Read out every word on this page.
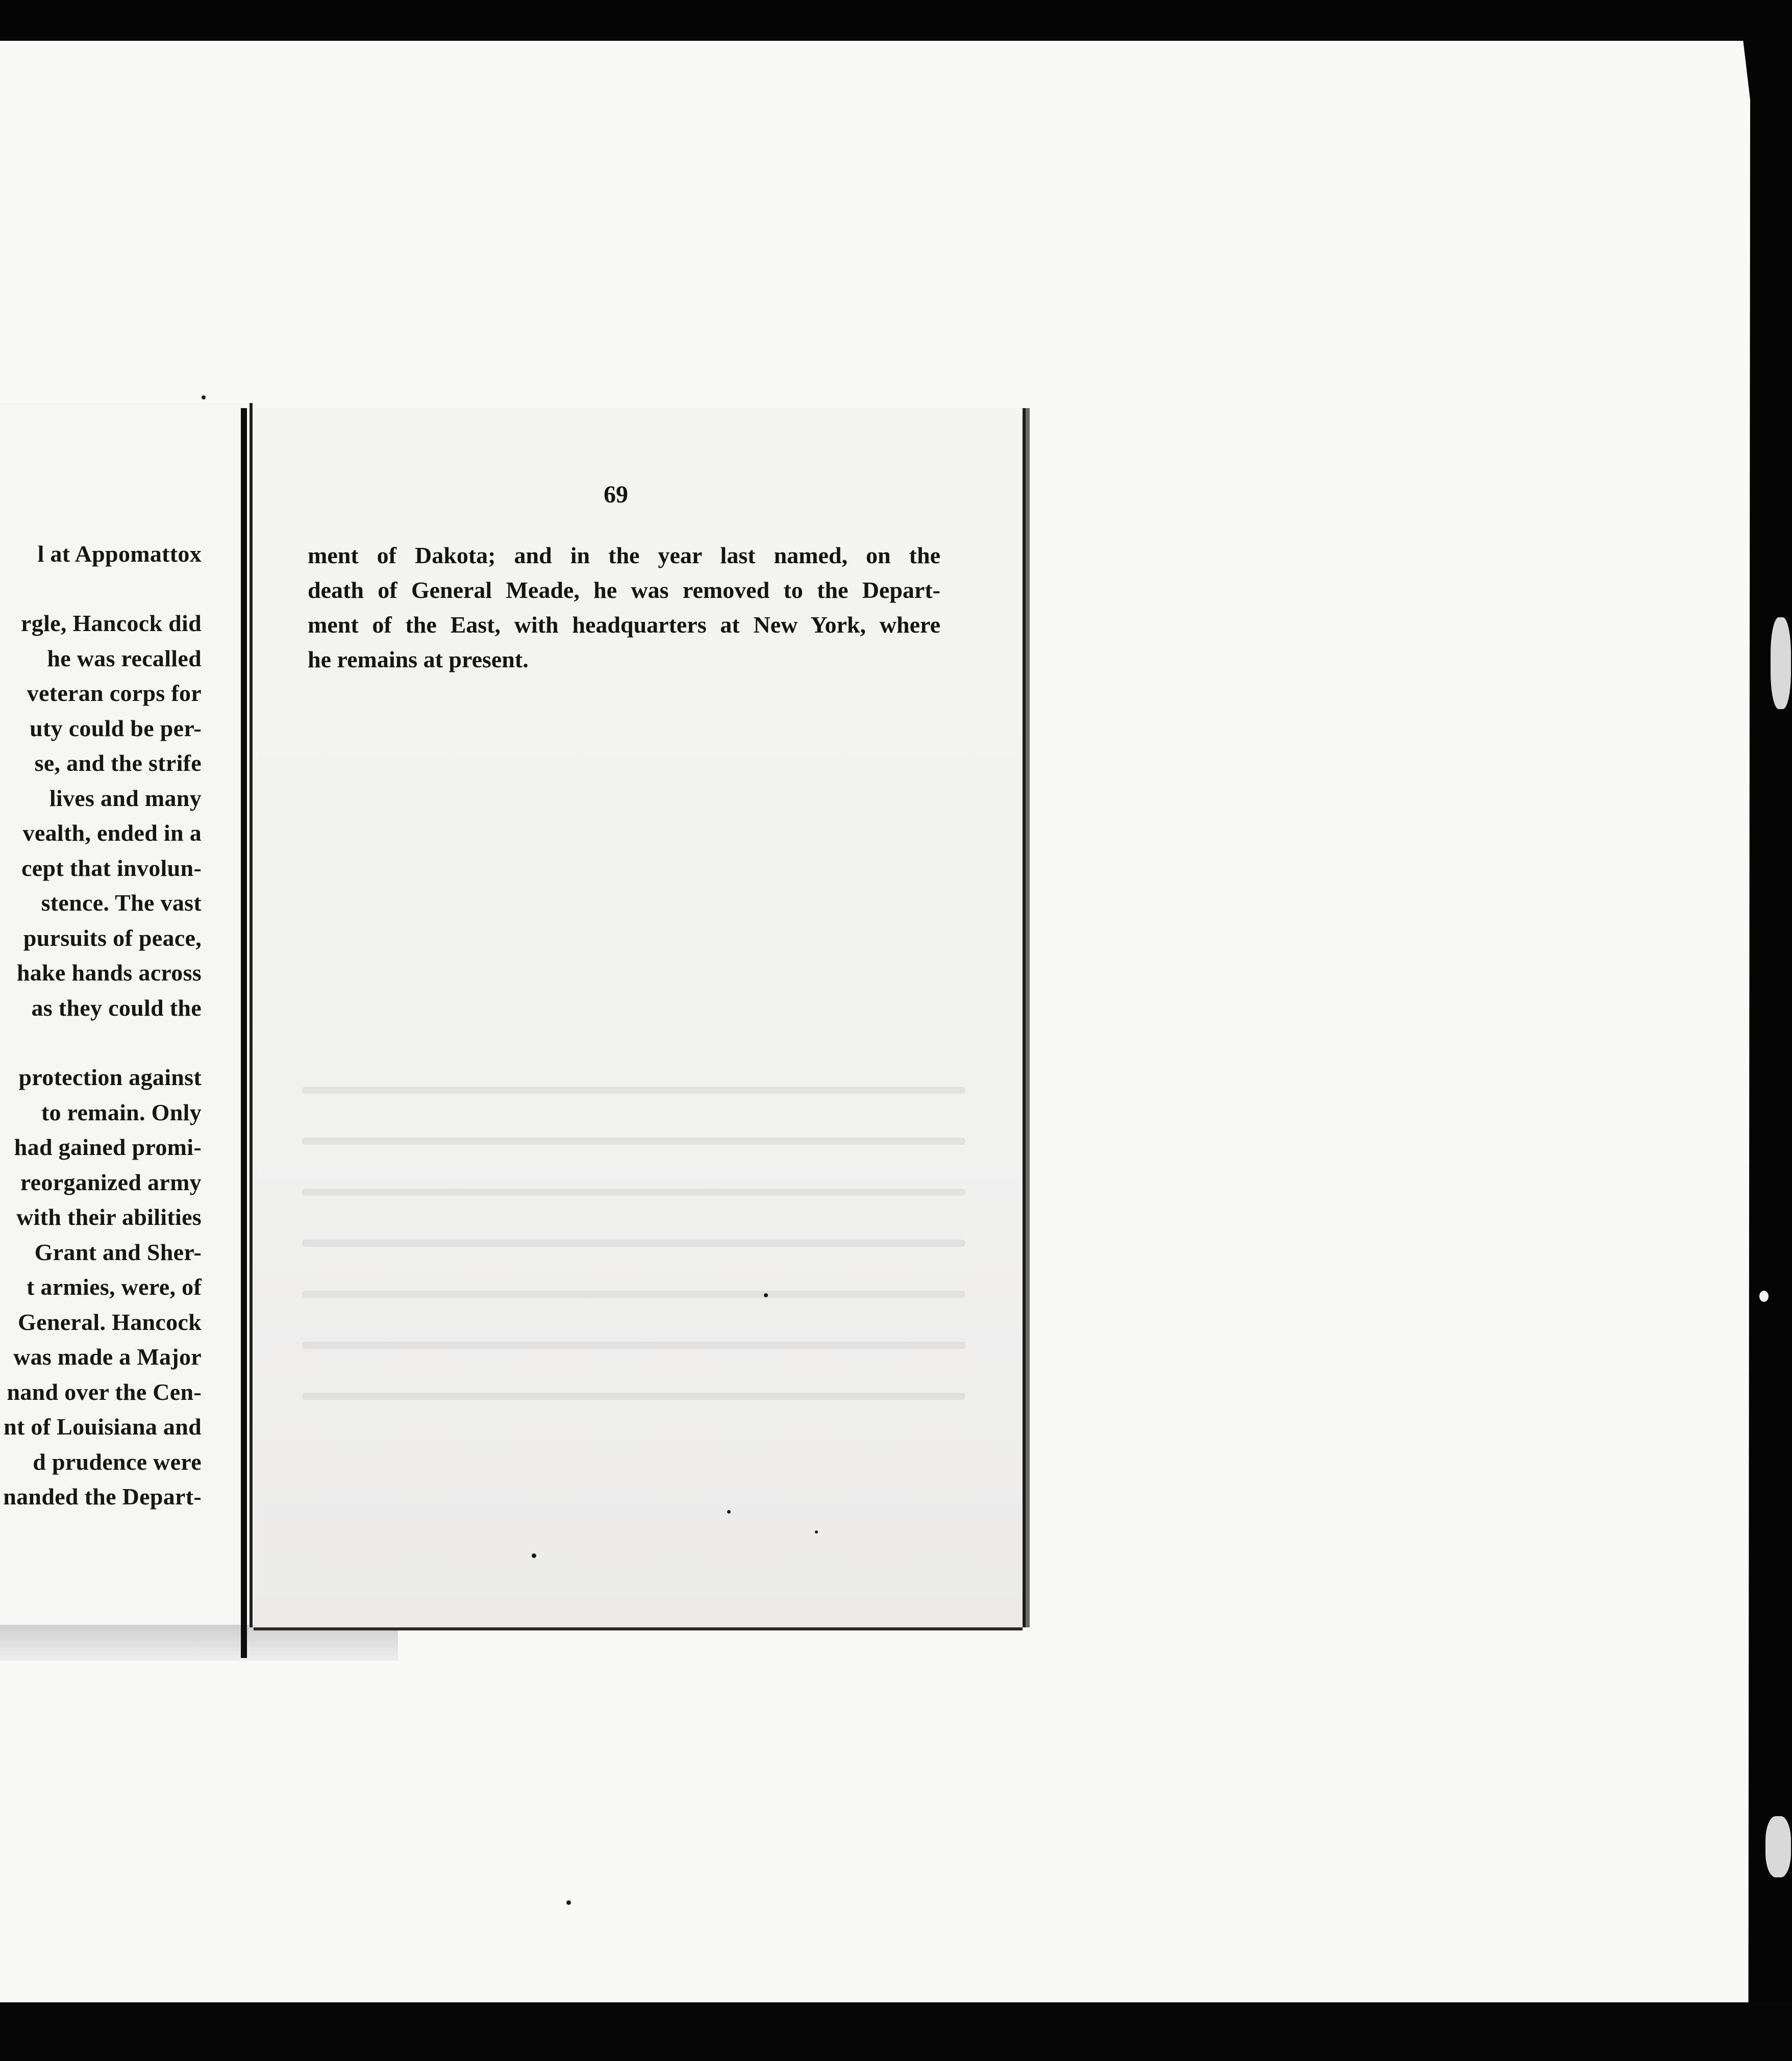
l at Appomattox
rgle, Hancock did
he was recalled
veteran corps for
uty could be per-
se, and the strife
lives and many
vealth, ended in a
cept that involun-
stence. The vast
pursuits of peace,
hake hands across
as they could the
protection against
to remain. Only
had gained promi-
reorganized army
with their abilities
Grant and Sher-
t armies, were, of
General. Hancock
was made a Major
nand over the Cen-
nt of Louisiana and
d prudence were
nanded the Depart-
69
ment of Dakota; and in the year last named, on the
death of General Meade, he was removed to the Depart-
ment of the East, with headquarters at New York, where
he remains at present.
